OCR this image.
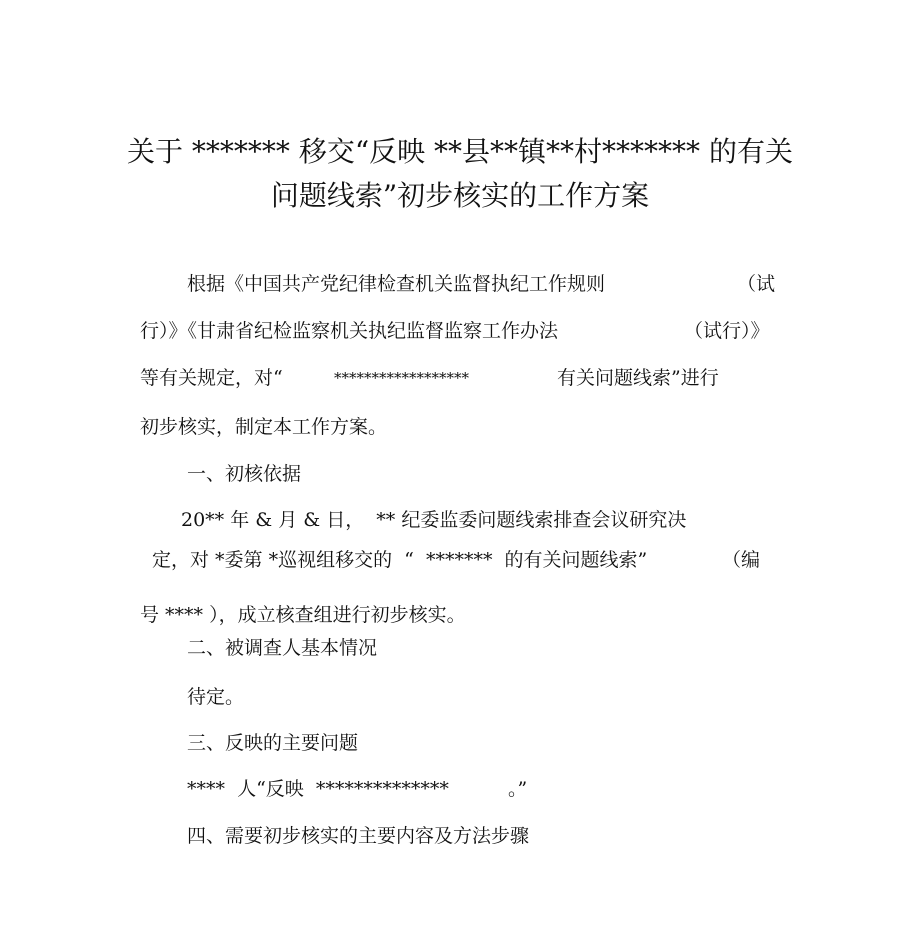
关于 ******* 移交“反映 **县**镇**村******* 的有关
问题线索”初步核实的工作方案
根据《中国共产党纪律检查机关监督执纪工作规则	（试
行）》《甘肃省纪检监察机关执纪监督监察工作办法	（试行）》
等有关规定，对“	******************	有关问题线索”进行
初步核实，制定本工作方案。
一、初核依据
20** 年 & 月 & 日，  ** 纪委监委问题线索排查会议研究决
定，对 *委第 *巡视组移交的  “  *******  的有关问题线索”	（编
号 **** ），成立核查组进行初步核实。
二、被调查人基本情况
待定。
三、反映的主要问题
****  人“反映  **************	。”
四、需要初步核实的主要内容及方法步骤
